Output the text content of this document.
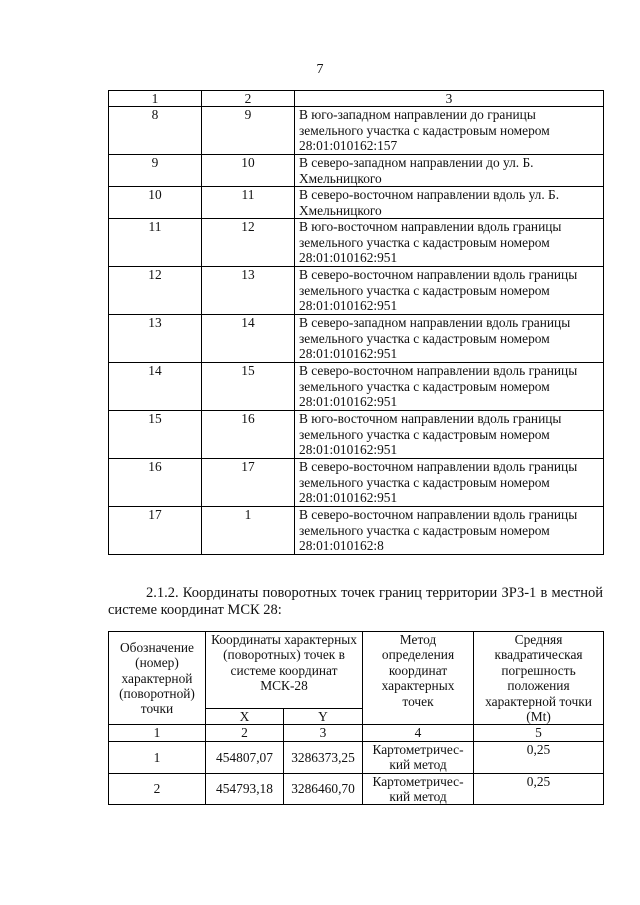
7
1	2	3
8	9	В юго-западном направлении до границы земельного участка с кадастровым номером 28:01:010162:157
9	10	В северо-западном направлении до ул. Б. Хмельницкого
10	11	В северо-восточном направлении вдоль ул. Б. Хмельницкого
11	12	В юго-восточном направлении вдоль границы земельного участка с кадастровым номером 28:01:010162:951
12	13	В северо-восточном направлении вдоль границы земельного участка с кадастровым номером 28:01:010162:951
13	14	В северо-западном направлении вдоль границы земельного участка с кадастровым номером 28:01:010162:951
14	15	В северо-восточном направлении вдоль границы земельного участка с кадастровым номером 28:01:010162:951
15	16	В юго-восточном направлении вдоль границы земельного участка с кадастровым номером 28:01:010162:951
16	17	В северо-восточном направлении вдоль границы земельного участка с кадастровым номером 28:01:010162:951
17	1	В северо-восточном направлении вдоль границы земельного участка с кадастровым номером 28:01:010162:8
2.1.2. Координаты поворотных точек границ территории ЗРЗ-1 в местной системе координат МСК 28:
Обозначение (номер) характерной (поворотной) точки	Координаты характерных (поворотных) точек в системе координат МСК-28		Метод определения координат характерных точек	Средняя квадратическая погрешность положения характерной точки (Mt)
	X	Y		
1	2	3	4	5
1	454807,07	3286373,25	Картометричес-кий метод	0,25
2	454793,18	3286460,70	Картометричес-кий метод	0,25
